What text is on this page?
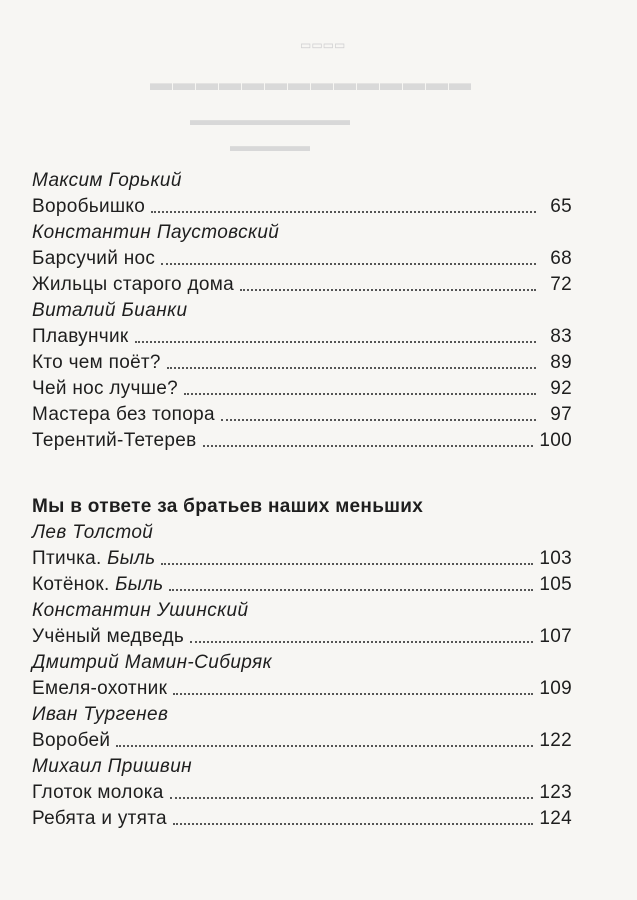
▭▭▭▭
▬▬▬▬▬▬▬▬▬▬▬▬▬▬
▬▬▬▬▬▬▬▬▬▬
▬▬▬▬▬
Максим Горький
Воробьишко	65
Константин Паустовский
Барсучий нос	68
Жильцы старого дома	72
Виталий Бианки
Плавунчик	83
Кто чем поёт?	89
Чей нос лучше?	92
Мастера без топора	97
Терентий-Тетерев	100
Мы в ответе за братьев наших меньших
Лев Толстой
Птичка. Быль	103
Котёнок. Быль	105
Константин Ушинский
Учёный медведь	107
Дмитрий Мамин-Сибиряк
Емеля-охотник	109
Иван Тургенев
Воробей	122
Михаил Пришвин
Глоток молока	123
Ребята и утята	124
